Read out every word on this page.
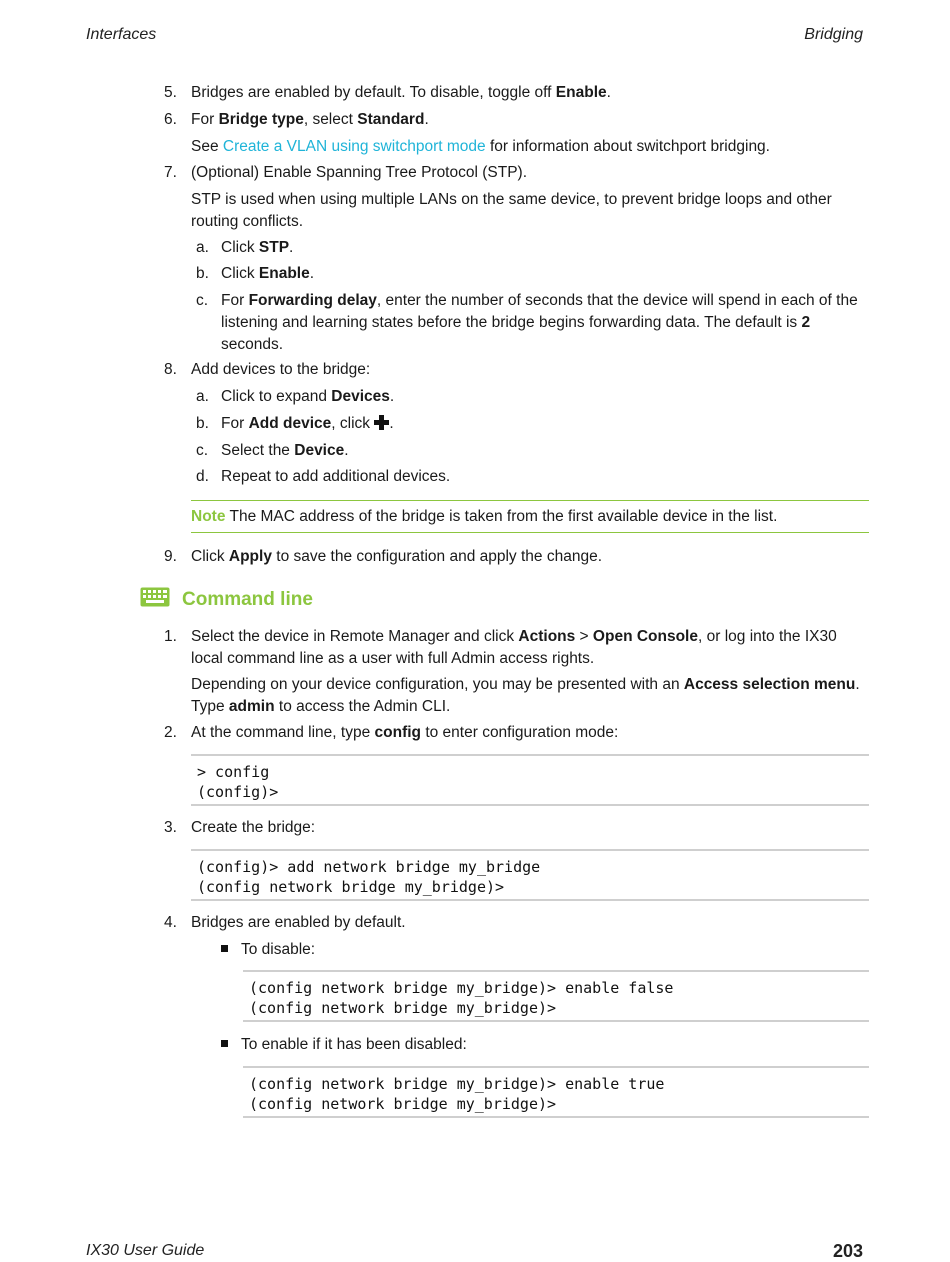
Interfaces	Bridging
5. Bridges are enabled by default. To disable, toggle off Enable.
6. For Bridge type, select Standard.
See Create a VLAN using switchport mode for information about switchport bridging.
7. (Optional) Enable Spanning Tree Protocol (STP).
STP is used when using multiple LANs on the same device, to prevent bridge loops and other routing conflicts.
a. Click STP.
b. Click Enable.
c. For Forwarding delay, enter the number of seconds that the device will spend in each of the listening and learning states before the bridge begins forwarding data. The default is 2 seconds.
8. Add devices to the bridge:
a. Click to expand Devices.
b. For Add device, click .
c. Select the Device.
d. Repeat to add additional devices.
Note The MAC address of the bridge is taken from the first available device in the list.
9. Click Apply to save the configuration and apply the change.
Command line
1. Select the device in Remote Manager and click Actions > Open Console, or log into the IX30 local command line as a user with full Admin access rights.
Depending on your device configuration, you may be presented with an Access selection menu. Type admin to access the Admin CLI.
2. At the command line, type config to enter configuration mode:
> config
(config)>
3. Create the bridge:
(config)> add network bridge my_bridge
(config network bridge my_bridge)>
4. Bridges are enabled by default.
To disable:
(config network bridge my_bridge)> enable false
(config network bridge my_bridge)>
To enable if it has been disabled:
(config network bridge my_bridge)> enable true
(config network bridge my_bridge)>
IX30 User Guide	203
